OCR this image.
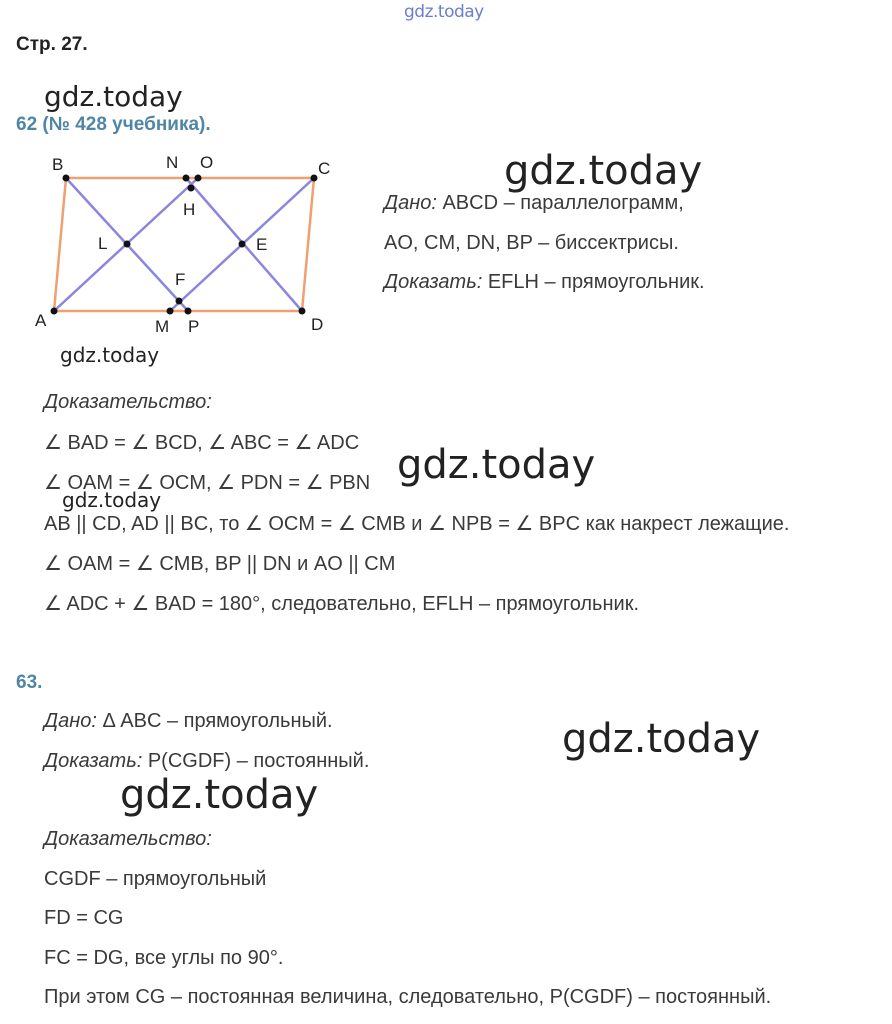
gdz.today
gdz.today
gdz.today
gdz.today
gdz.today
gdz.today
gdz.today
gdz.today
Стр. 27.
62 (№ 428 учебника).
B	N O	C
H
L	E
F
A	M P	D
Дано: ABCD – параллелограмм,
AO, CM, DN, BP – биссектрисы.
Доказать: EFLH – прямоугольник.
Доказательство:
∠ BAD = ∠ BCD, ∠ ABC = ∠ ADC
∠ OAM = ∠ OCM, ∠ PDN = ∠ PBN
AB || CD, AD || BC, то ∠ OCM = ∠ CMB и ∠ NPB = ∠ BPC как накрест лежащие.
∠ OAM = ∠ CMB, BP || DN и AO || CM
∠ ADC + ∠ BAD = 180°, следовательно, EFLH – прямоугольник.
63.
Дано: Δ ABC – прямоугольный.
Доказать: P(CGDF) – постоянный.
Доказательство:
CGDF – прямоугольный
FD = CG
FC = DG, все углы по 90°.
При этом CG – постоянная величина, следовательно, P(CGDF) – постоянный.
